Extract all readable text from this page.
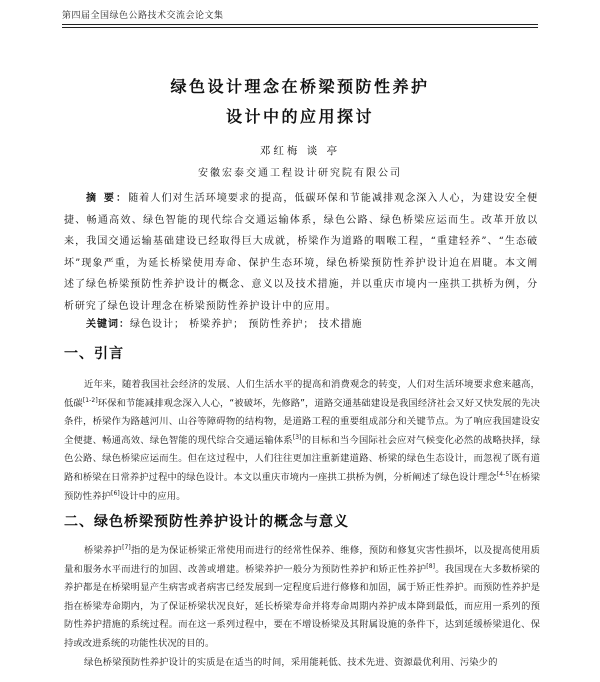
第四届全国绿色公路技术交流会论文集
绿色设计理念在桥梁预防性养护
设计中的应用探讨
邓红梅 谈 亭
安徽宏泰交通工程设计研究院有限公司

摘 要：随着人们对生活环境要求的提高，低碳环保和节能减排观念深入人心，为建设安全便捷、畅通高效、绿色智能的现代综合交通运输体系，绿色公路、绿色桥梁应运而生。改革开放以来，我国交通运输基础建设已经取得巨大成就，桥梁作为道路的咽喉工程，“重建轻养”、“生态破坏”现象严重，为延长桥梁使用寿命、保护生态环境，绿色桥梁预防性养护设计迫在眉睫。本文阐述了绿色桥梁预防性养护设计的概念、意义以及技术措施，并以重庆市境内一座拱工拱桥为例，分析研究了绿色设计理念在桥梁预防性养护设计中的应用。

关键词：绿色设计； 桥梁养护； 预防性养护； 技术措施
一、引言

近年来，随着我国社会经济的发展、人们生活水平的提高和消费观念的转变，人们对生活环境要求愈来越高，低碳[1-2]环保和节能减排观念深入人心，“被破坏，先修路”，道路交通基础建设是我国经济社会又好又快发展的先决条件，桥梁作为路越河川、山谷等障碍物的结构物，是道路工程的重要组成部分和关键节点。为了响应我国建设安全便捷、畅通高效、绿色智能的现代综合交通运输体系[3]的目标和当今国际社会应对气候变化必然的战略抉择，绿色公路、绿色桥梁应运而生。但在这过程中，人们往往更加注重新建道路、桥梁的绿色生态设计，而忽视了既有道路和桥梁在日常养护过程中的绿色设计。本文以重庆市境内一座拱工拱桥为例，分析阐述了绿色设计理念[4-5]在桥梁预防性养护[6]设计中的应用。

二、绿色桥梁预防性养护设计的概念与意义

桥梁养护[7]指的是为保证桥梁正常使用而进行的经常性保养、维修，预防和修复灾害性损坏，以及提高使用质量和服务水平而进行的加固、改善或增建。桥梁养护一般分为预防性养护和矫正性养护[8]。我国现在大多数桥梁的养护都是在桥梁明显产生病害或者病害已经发展到一定程度后进行修修和加固，属于矫正性养护。而预防性养护是指在桥梁寿命期内，为了保证桥梁状况良好，延长桥梁寿命并将寿命周期内养护成本降到最低，而应用一系列的预防性养护措施的系统过程。而在这一系列过程中，要在不增设桥梁及其附属设施的条件下，达到延缓桥梁退化、保持或改进系统的功能性状况的目的。

绿色桥梁预防性养护设计的实质是在适当的时间，采用能耗低、技术先进、资源最优利用、污染少的
